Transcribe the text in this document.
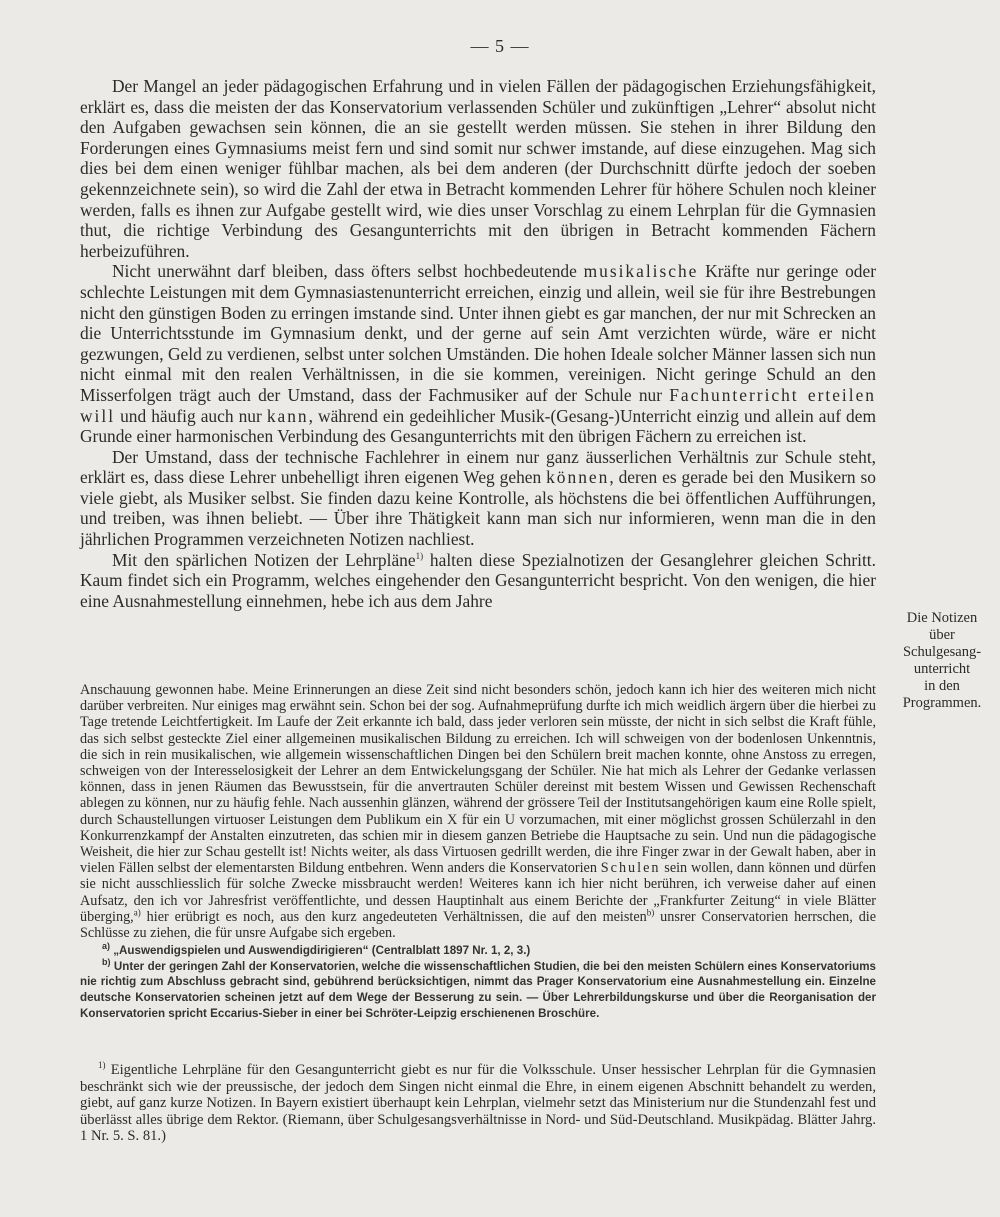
— 5 —

Der Mangel an jeder pädagogischen Erfahrung und in vielen Fällen der pädagogischen Erziehungsfähigkeit, erklärt es, dass die meisten der das Konservatorium verlassenden Schüler und zukünftigen „Lehrer“ absolut nicht den Aufgaben gewachsen sein können, die an sie gestellt werden müssen. Sie stehen in ihrer Bildung den Forderungen eines Gymnasiums meist fern und sind somit nur schwer imstande, auf diese einzugehen. Mag sich dies bei dem einen weniger fühlbar machen, als bei dem anderen (der Durchschnitt dürfte jedoch der soeben gekennzeichnete sein), so wird die Zahl der etwa in Betracht kommenden Lehrer für höhere Schulen noch kleiner werden, falls es ihnen zur Aufgabe gestellt wird, wie dies unser Vorschlag zu einem Lehrplan für die Gymnasien thut, die richtige Verbindung des Gesangunterrichts mit den übrigen in Betracht kommenden Fächern herbeizuführen.

Nicht unerwähnt darf bleiben, dass öfters selbst hochbedeutende musikalische Kräfte nur geringe oder schlechte Leistungen mit dem Gymnasiastenunterricht erreichen, einzig und allein, weil sie für ihre Bestrebungen nicht den günstigen Boden zu erringen imstande sind. Unter ihnen giebt es gar manchen, der nur mit Schrecken an die Unterrichtsstunde im Gymnasium denkt, und der gerne auf sein Amt verzichten würde, wäre er nicht gezwungen, Geld zu verdienen, selbst unter solchen Umständen. Die hohen Ideale solcher Männer lassen sich nun nicht einmal mit den realen Verhältnissen, in die sie kommen, vereinigen. Nicht geringe Schuld an den Misserfolgen trägt auch der Umstand, dass der Fachmusiker auf der Schule nur Fachunterricht erteilen will und häufig auch nur kann, während ein gedeihlicher Musik-(Gesang-)Unterricht einzig und allein auf dem Grunde einer harmonischen Verbindung des Gesangunterrichts mit den übrigen Fächern zu erreichen ist.

Der Umstand, dass der technische Fachlehrer in einem nur ganz äusserlichen Verhältnis zur Schule steht, erklärt es, dass diese Lehrer unbehelligt ihren eigenen Weg gehen können, deren es gerade bei den Musikern so viele giebt, als Musiker selbst. Sie finden dazu keine Kontrolle, als höchstens die bei öffentlichen Aufführungen, und treiben, was ihnen beliebt. — Über ihre Thätigkeit kann man sich nur informieren, wenn man die in den jährlichen Programmen verzeichneten Notizen nachliest.

Mit den spärlichen Notizen der Lehrpläne$^{1)}$ halten diese Spezialnotizen der Gesanglehrer gleichen Schritt. Kaum findet sich ein Programm, welches eingehender den Gesangunterricht bespricht. Von den wenigen, die hier eine Ausnahmestellung einnehmen, hebe ich aus dem Jahre

Die Notizen
über
Schulgesang-
unterricht
in den
Programmen.

Anschauung gewonnen habe. Meine Erinnerungen an diese Zeit sind nicht besonders schön, jedoch kann ich hier des weiteren mich nicht darüber verbreiten. Nur einiges mag erwähnt sein. Schon bei der sog. Aufnahmeprüfung durfte ich mich weidlich ärgern über die hierbei zu Tage tretende Leichtfertigkeit. Im Laufe der Zeit erkannte ich bald, dass jeder verloren sein müsste, der nicht in sich selbst die Kraft fühle, das sich selbst gesteckte Ziel einer allgemeinen musikalischen Bildung zu erreichen. Ich will schweigen von der bodenlosen Unkenntnis, die sich in rein musikalischen, wie allgemein wissenschaftlichen Dingen bei den Schülern breit machen konnte, ohne Anstoss zu erregen, schweigen von der Interesselosigkeit der Lehrer an dem Entwickelungsgang der Schüler. Nie hat mich als Lehrer der Gedanke verlassen können, dass in jenen Räumen das Bewusstsein, für die anvertrauten Schüler dereinst mit bestem Wissen und Gewissen Rechenschaft ablegen zu können, nur zu häufig fehle. Nach aussenhin glänzen, während der grössere Teil der Institutsangehörigen kaum eine Rolle spielt, durch Schaustellungen virtuoser Leistungen dem Publikum ein X für ein U vorzumachen, mit einer möglichst grossen Schülerzahl in den Konkurrenzkampf der Anstalten einzutreten, das schien mir in diesem ganzen Betriebe die Hauptsache zu sein. Und nun die pädagogische Weisheit, die hier zur Schau gestellt ist! Nichts weiter, als dass Virtuosen gedrillt werden, die ihre Finger zwar in der Gewalt haben, aber in vielen Fällen selbst der elementarsten Bildung entbehren. Wenn anders die Konservatorien Schulen sein wollen, dann können und dürfen sie nicht ausschliesslich für solche Zwecke missbraucht werden! Weiteres kann ich hier nicht berühren, ich verweise daher auf einen Aufsatz, den ich vor Jahresfrist veröffentlichte, und dessen Hauptinhalt aus einem Berichte der „Frankfurter Zeitung“ in viele Blätter überging,$^{a)}$ hier erübrigt es noch, aus den kurz angedeuteten Verhältnissen, die auf den meisten$^{b)}$ unsrer Conservatorien herrschen, die Schlüsse zu ziehen, die für unsre Aufgabe sich ergeben.

$^{a)}$ „Auswendigspielen und Auswendigdirigieren“ (Centralblatt 1897 Nr. 1, 2, 3.)

$^{b)}$ Unter der geringen Zahl der Konservatorien, welche die wissenschaftlichen Studien, die bei den meisten Schülern eines Konservatoriums nie richtig zum Abschluss gebracht sind, gebührend berücksichtigen, nimmt das Prager Konservatorium eine Ausnahmestellung ein. Einzelne deutsche Konservatorien scheinen jetzt auf dem Wege der Besserung zu sein. — Über Lehrerbildungskurse und über die Reorganisation der Konservatorien spricht Eccarius-Sieber in einer bei Schröter-Leipzig erschienenen Broschüre.

$^{1)}$ Eigentliche Lehrpläne für den Gesangunterricht giebt es nur für die Volksschule. Unser hessischer Lehrplan für die Gymnasien beschränkt sich wie der preussische, der jedoch dem Singen nicht einmal die Ehre, in einem eigenen Abschnitt behandelt zu werden, giebt, auf ganz kurze Notizen. In Bayern existiert überhaupt kein Lehrplan, vielmehr setzt das Ministerium nur die Stundenzahl fest und überlässt alles übrige dem Rektor. (Riemann, über Schulgesangsverhältnisse in Nord- und Süd-Deutschland. Musikpädag. Blätter Jahrg. 1 Nr. 5. S. 81.)
